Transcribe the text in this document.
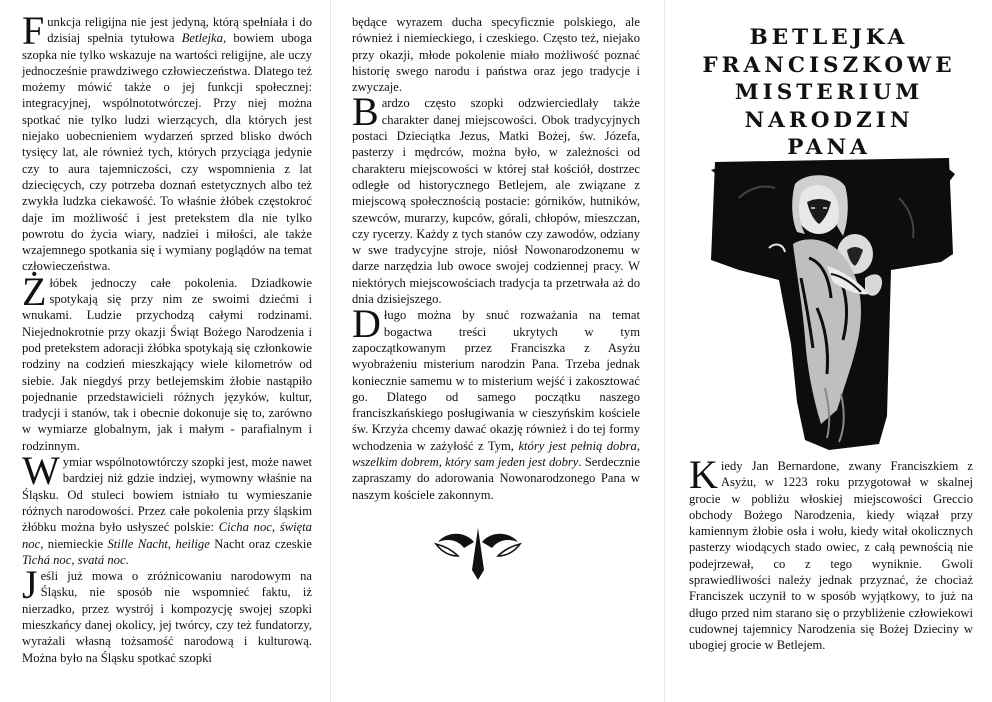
Funkcja religijna nie jest jedyną, którą spełniała i do dzisiaj spełnia tytułowa Betlejka, bowiem uboga szopka nie tylko wskazuje na wartości religijne, ale uczy jednocześnie prawdziwego człowieczeństwa. Dlatego też możemy mówić także o jej funkcji społecznej: integracyjnej, wspólnototwórczej. Przy niej można spotkać nie tylko ludzi wierzących, dla których jest niejako uobecnieniem wydarzeń sprzed blisko dwóch tysięcy lat, ale również tych, których przyciąga jedynie czy to aura tajemniczości, czy wspomnienia z lat dziecięcych, czy potrzeba doznań estetycznych albo też zwykła ludzka ciekawość. To właśnie żłóbek częstokroć daje im możliwość i jest pretekstem dla nie tylko powrotu do życia wiary, nadziei i miłości, ale także wzajemnego spotkania się i wymiany poglądów na temat człowieczeństwa.

Żłóbek jednoczy całe pokolenia. Dziadkowie spotykają się przy nim ze swoimi dziećmi i wnukami. Ludzie przychodzą całymi rodzinami. Niejednokrotnie przy okazji Świąt Bożego Narodzenia i pod pretekstem adoracji żłóbka spotykają się członkowie rodziny na codzień mieszkający wiele kilometrów od siebie. Jak niegdyś przy betlejemskim żłobie nastąpiło pojednanie przedstawicieli różnych języków, kultur, tradycji i stanów, tak i obecnie dokonuje się to, zarówno w wymiarze globalnym, jak i małym - parafialnym i rodzinnym.

Wymiar wspólnotowtórczy szopki jest, może nawet bardziej niż gdzie indziej, wymowny właśnie na Śląsku. Od stuleci bowiem istniało tu wymieszanie różnych narodowości. Przez całe pokolenia przy śląskim żłóbku można było usłyszeć polskie: Cicha noc, święta noc, niemieckie Stille Nacht, heilige Nacht oraz czeskie Tichá noc, svatá noc.

Jeśli już mowa o zróżnicowaniu narodowym na Śląsku, nie sposób nie wspomnieć faktu, iż nierzadko, przez wystrój i kompozycję swojej szopki mieszkańcy danej okolicy, jej twórcy, czy też fundatorzy, wyrażali własną tożsamość narodową i kulturową. Można było na Śląsku spotkać szopki

będące wyrazem ducha specyficznie polskiego, ale również i niemieckiego, i czeskiego. Często też, niejako przy okazji, młode pokolenie miało możliwość poznać historię swego narodu i państwa oraz jego tradycje i zwyczaje.

Bardzo często szopki odzwierciedlały także charakter danej miejscowości. Obok tradycyjnych postaci Dzieciątka Jezus, Matki Bożej, św. Józefa, pasterzy i mędrców, można było, w zależności od charakteru miejscowości w której stał kościół, dostrzec odległe od historycznego Betlejem, ale związane z miejscową społecznością postacie: górników, hutników, szewców, murarzy, kupców, górali, chłopów, mieszczan, czy rycerzy. Każdy z tych stanów czy zawodów, odziany w swe tradycyjne stroje, niósł Nowonarodzonemu w darze narzędzia lub owoce swojej codziennej pracy. W niektórych miejscowościach tradycja ta przetrwała aż do dnia dzisiejszego.

Długo można by snuć rozważania na temat bogactwa treści ukrytych w tym zapoczątkowanym przez Franciszka z Asyżu wyobrażeniu misterium narodzin Pana. Trzeba jednak koniecznie samemu w to misterium wejść i zakosztować go. Dlatego od samego początku naszego franciszkańskiego posługiwania w cieszyńskim kościele św. Krzyża chcemy dawać okazję również i do tej formy wchodzenia w zażyłość z Tym, który jest pełnią dobra, wszelkim dobrem, który sam jeden jest dobry. Serdecznie zapraszamy do adorowania Nowonarodzonego Pana w naszym kościele zakonnym.

BETLEJKA
FRANCISZKOWE
MISTERIUM
NARODZIN
PANA

Kiedy Jan Bernardone, zwany Franciszkiem z Asyżu, w 1223 roku przygotował w skalnej grocie w pobliżu włoskiej miejscowości Greccio obchody Bożego Narodzenia, kiedy wiązał przy kamiennym żłobie osła i wołu, kiedy witał okolicznych pasterzy wiodących stado owiec, z całą pewnością nie podejrzewał, co z tego wyniknie. Gwoli sprawiedliwości należy jednak przyznać, że chociaż Franciszek uczynił to w sposób wyjątkowy, to już na długo przed nim starano się o przybliżenie człowiekowi cudownej tajemnicy Narodzenia się Bożej Dzieciny w ubogiej grocie w Betlejem.
